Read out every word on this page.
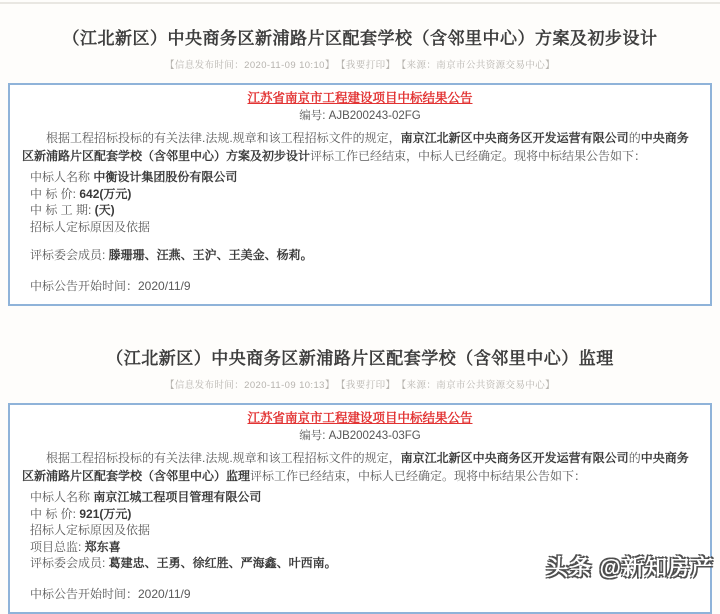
（江北新区）中央商务区新浦路片区配套学校（含邻里中心）方案及初步设计
【信息发布时间：2020-11-09 10:10】 【我要打印】 【来源：南京市公共资源交易中心】
江苏省南京市工程建设项目中标结果公告
编号: AJB200243-02FG

根据工程招标投标的有关法律.法规.规章和该工程招标文件的规定，南京江北新区中央商务区开发运营有限公司的中央商务区新浦路片区配套学校（含邻里中心）方案及初步设计评标工作已经结束，中标人已经确定。现将中标结果公告如下：

中标人名称 中衡设计集团股份有限公司
中 标 价: 642(万元)
中 标 工 期: (天)
招标人定标原因及依据
评标委会成员: 滕珊珊、汪燕、王沪、王美金、杨莉。
中标公告开始时间：2020/11/9
（江北新区）中央商务区新浦路片区配套学校（含邻里中心）监理
【信息发布时间：2020-11-09 10:13】 【我要打印】 【来源：南京市公共资源交易中心】
江苏省南京市工程建设项目中标结果公告
编号: AJB200243-03FG

根据工程招标投标的有关法律.法规.规章和该工程招标文件的规定，南京江北新区中央商务区开发运营有限公司的中央商务区新浦路片区配套学校（含邻里中心）监理评标工作已经结束，中标人已经确定。现将中标结果公告如下：

中标人名称 南京江城工程项目管理有限公司
中 标 价: 921(万元)
招标人定标原因及依据
项目总监: 郑东喜
评标委会成员: 葛建忠、王勇、徐红胜、严海鑫、叶西南。
中标公告开始时间：2020/11/9
头条 @新知房产
